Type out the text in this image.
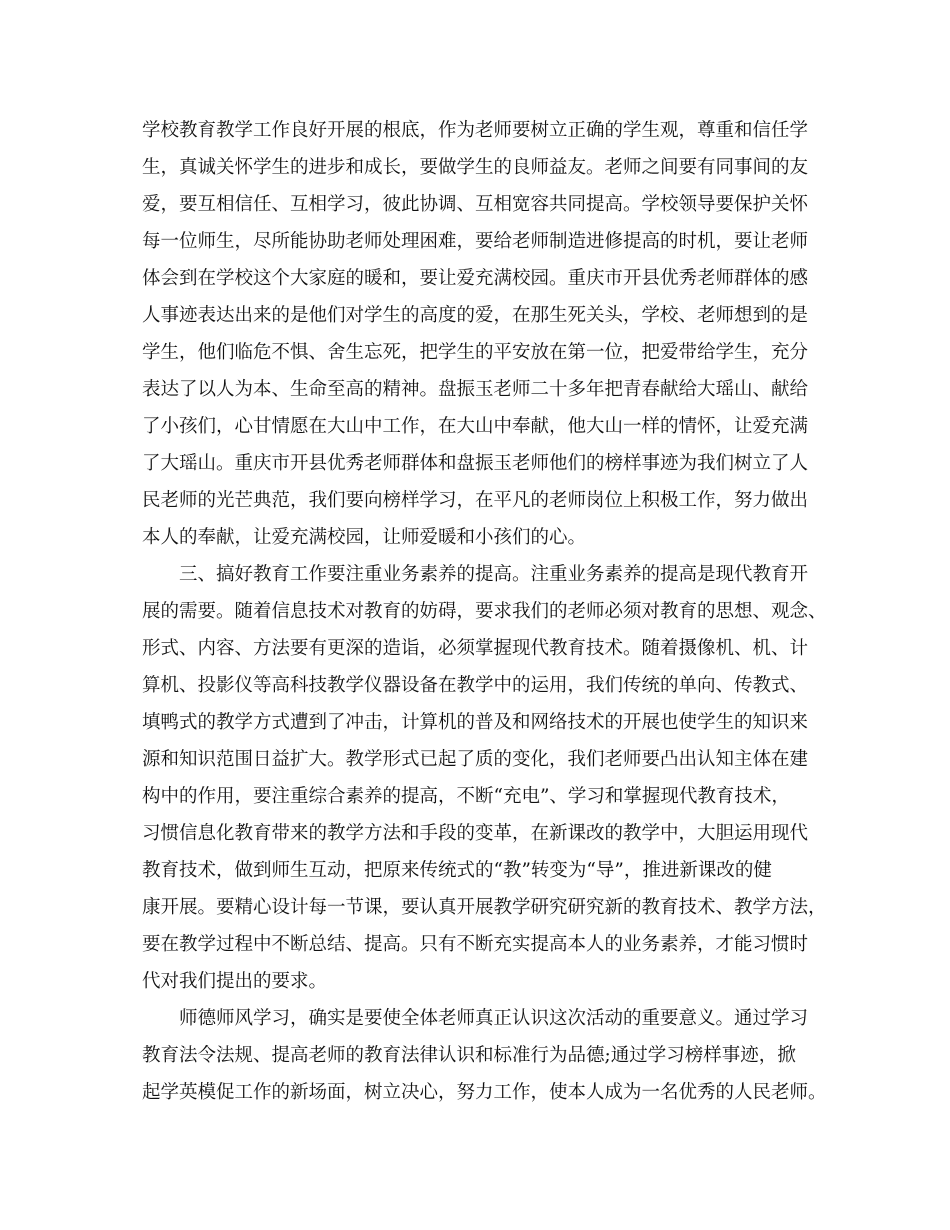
学校教育教学工作良好开展的根底，作为老师要树立正确的学生观，尊重和信任学
生，真诚关怀学生的进步和成长，要做学生的良师益友。老师之间要有同事间的友
爱，要互相信任、互相学习，彼此协调、互相宽容共同提高。学校领导要保护关怀
每一位师生，尽所能协助老师处理困难，要给老师制造进修提高的时机，要让老师
体会到在学校这个大家庭的暖和，要让爱充满校园。重庆市开县优秀老师群体的感
人事迹表达出来的是他们对学生的高度的爱，在那生死关头，学校、老师想到的是
学生，他们临危不惧、舍生忘死，把学生的平安放在第一位，把爱带给学生，充分
表达了以人为本、生命至高的精神。盘振玉老师二十多年把青春献给大瑶山、献给
了小孩们，心甘情愿在大山中工作，在大山中奉献，他大山一样的情怀，让爱充满
了大瑶山。重庆市开县优秀老师群体和盘振玉老师他们的榜样事迹为我们树立了人
民老师的光芒典范，我们要向榜样学习，在平凡的老师岗位上积极工作，努力做出
本人的奉献，让爱充满校园，让师爱暖和小孩们的心。
三、搞好教育工作要注重业务素养的提高。注重业务素养的提高是现代教育开
展的需要。随着信息技术对教育的妨碍，要求我们的老师必须对教育的思想、观念、
形式、内容、方法要有更深的造诣，必须掌握现代教育技术。随着摄像机、机、计
算机、投影仪等高科技教学仪器设备在教学中的运用，我们传统的单向、传教式、
填鸭式的教学方式遭到了冲击，计算机的普及和网络技术的开展也使学生的知识来
源和知识范围日益扩大。教学形式已起了质的变化，我们老师要凸出认知主体在建
构中的作用，要注重综合素养的提高，不断“充电”、学习和掌握现代教育技术，
习惯信息化教育带来的教学方法和手段的变革，在新课改的教学中，大胆运用现代
教育技术，做到师生互动，把原来传统式的“教”转变为“导”，推进新课改的健
康开展。要精心设计每一节课，要认真开展教学研究研究新的教育技术、教学方法，
要在教学过程中不断总结、提高。只有不断充实提高本人的业务素养，才能习惯时
代对我们提出的要求。
师德师风学习，确实是要使全体老师真正认识这次活动的重要意义。通过学习
教育法令法规、提高老师的教育法律认识和标准行为品德;通过学习榜样事迹，掀
起学英模促工作的新场面，树立决心，努力工作，使本人成为一名优秀的人民老师。
